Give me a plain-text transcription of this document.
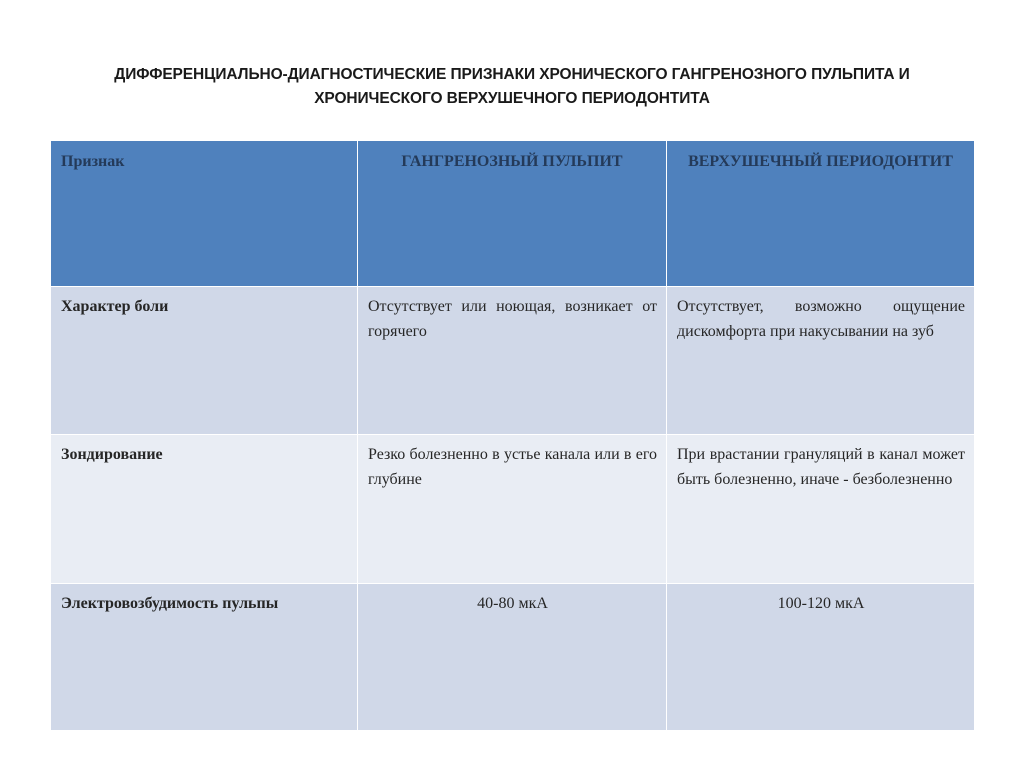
ДИФФЕРЕНЦИАЛЬНО-ДИАГНОСТИЧЕСКИЕ ПРИЗНАКИ ХРОНИЧЕСКОГО ГАНГРЕНОЗНОГО ПУЛЬПИТА И
ХРОНИЧЕСКОГО ВЕРХУШЕЧНОГО ПЕРИОДОНТИТА
Признак	ГАНГРЕНОЗНЫЙ ПУЛЬПИТ	ВЕРХУШЕЧНЫЙ ПЕРИОДОНТИТ

Характер боли	Отсутствует или ноющая, возникает от горячего	Отсутствует, возможно ощущение дискомфорта при накусывании на зуб

Зондирование	Резко болезненно в устье канала или в его глубине	При врастании грануляций в канал может быть болезненно, иначе - безболезненно

Электровозбудимость пульпы	40-80 мкА	100-120 мкА
